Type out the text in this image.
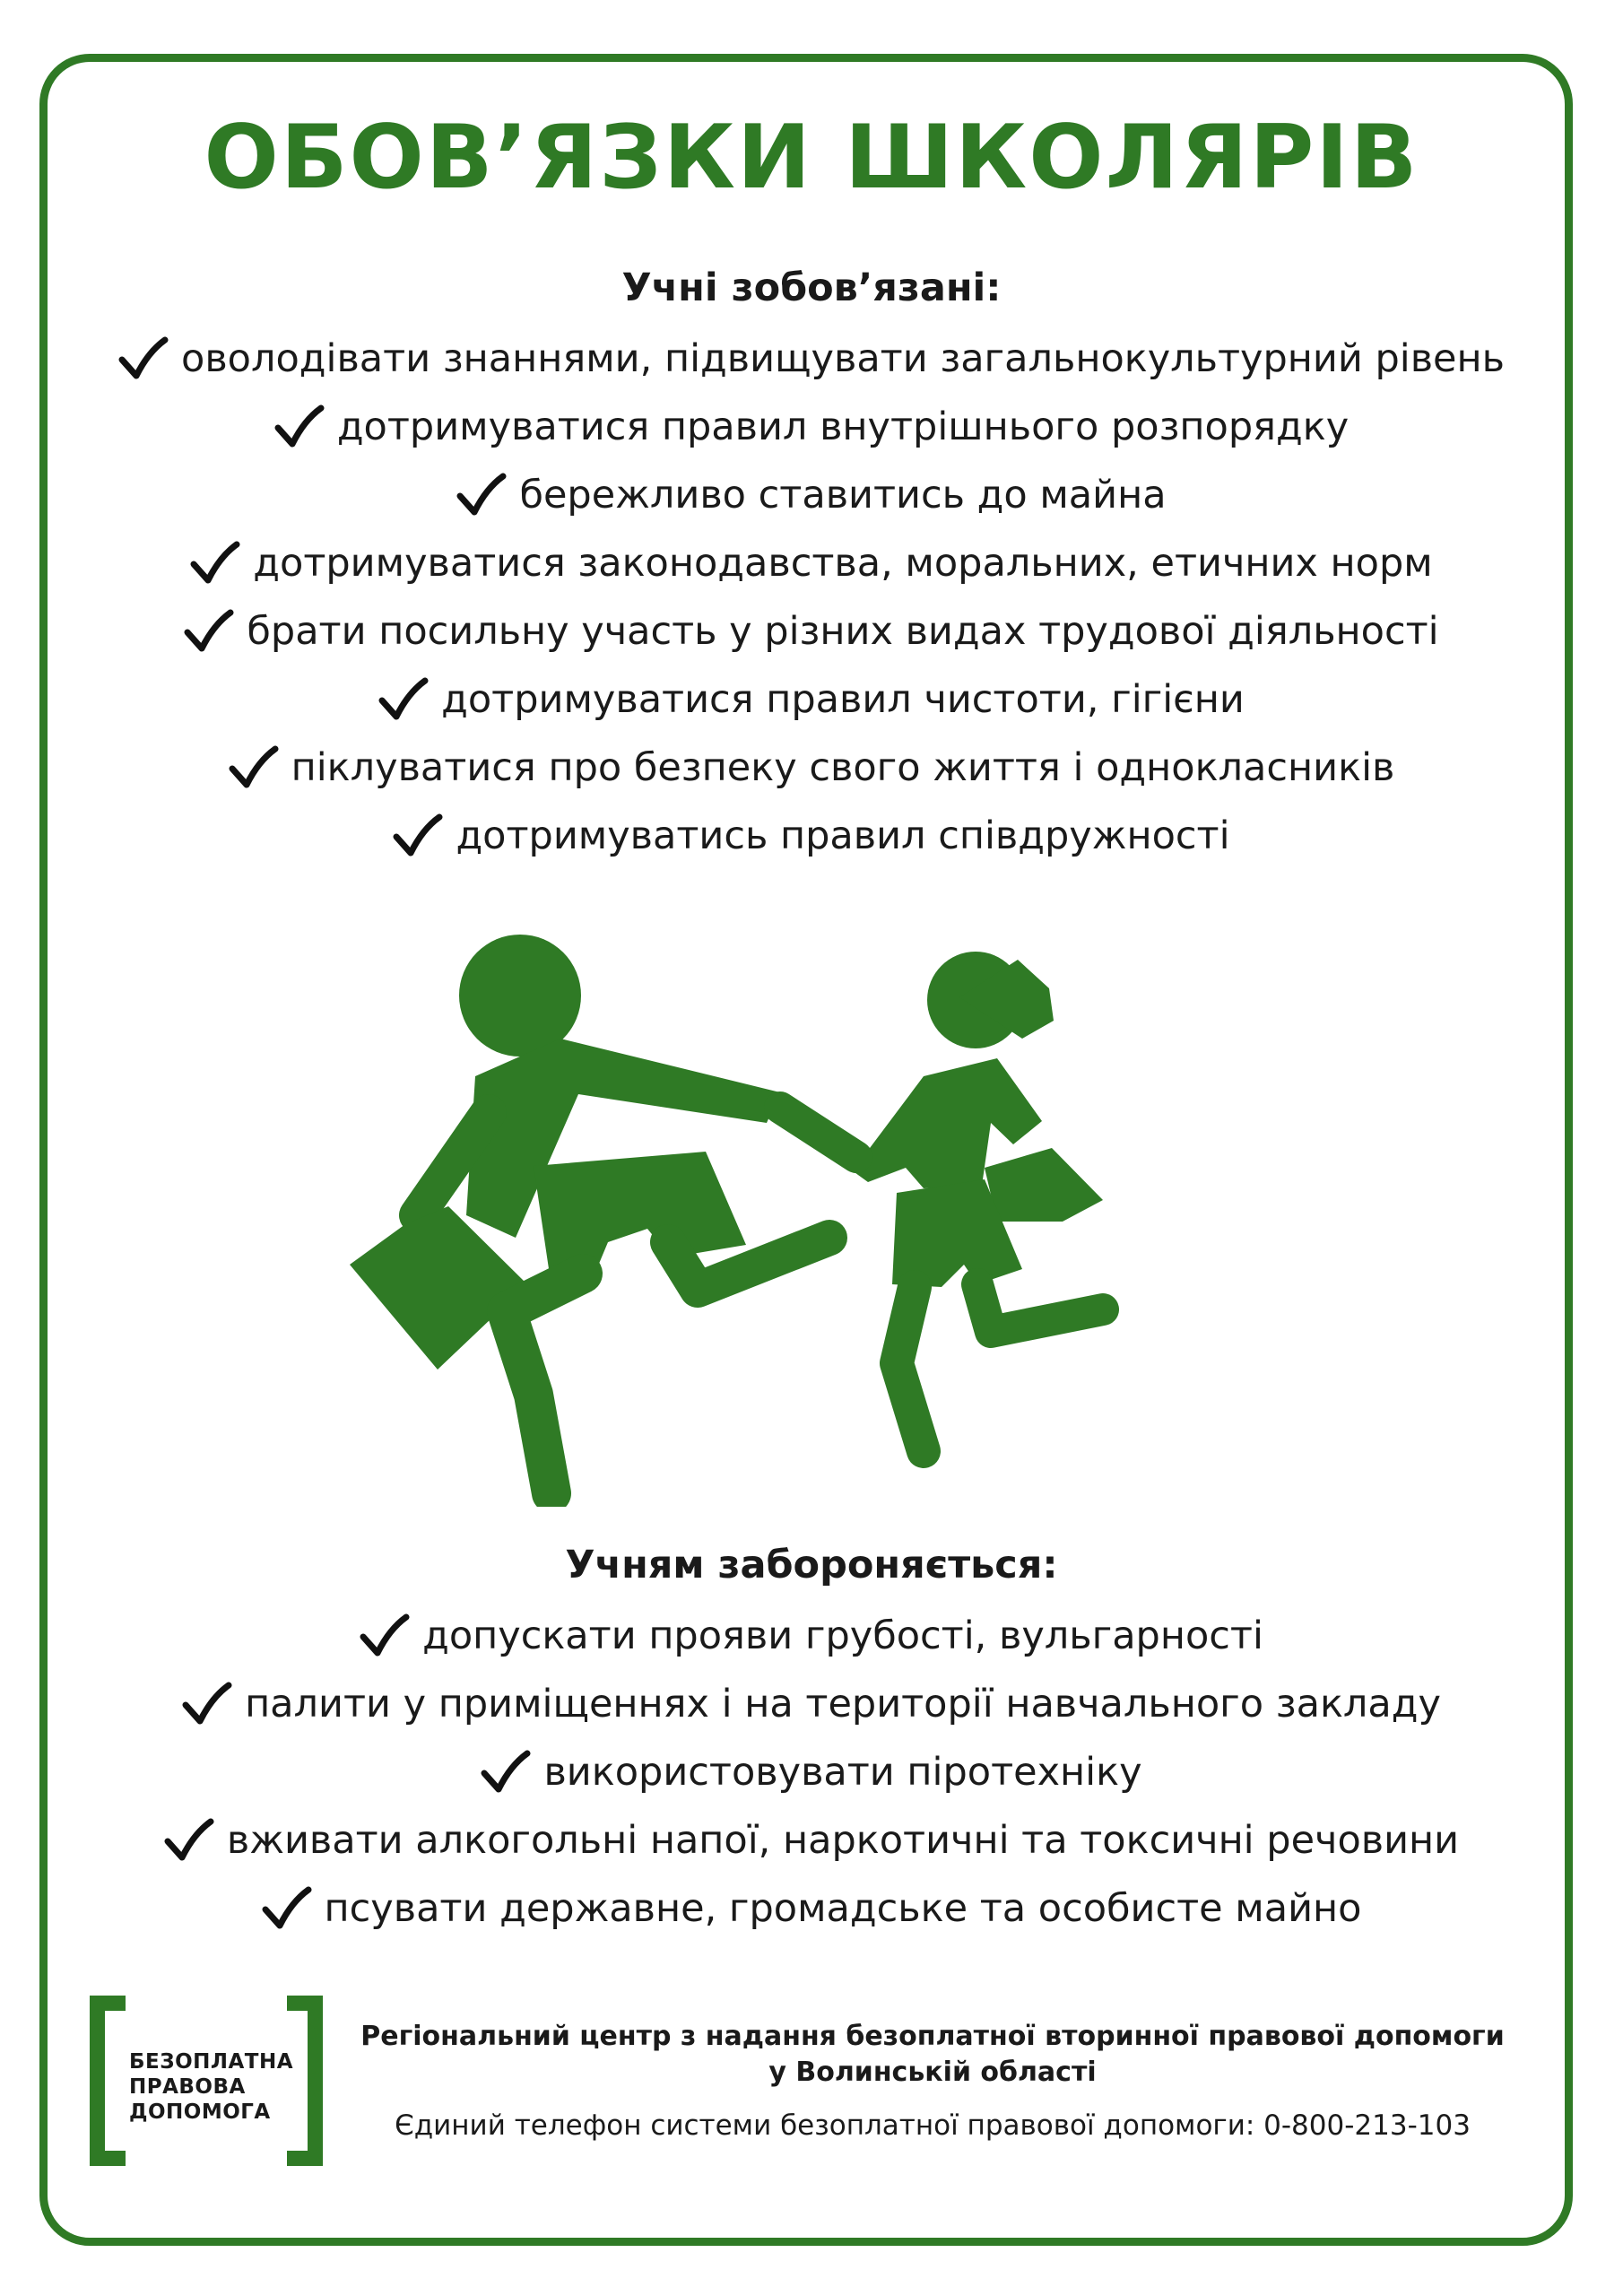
ОБОВ’ЯЗКИ ШКОЛЯРІВ
Учні зобов’язані:
оволодівати знаннями, підвищувати загальнокультурний рівень
дотримуватися правил внутрішнього розпорядку
бережливо ставитись до майна
дотримуватися законодавства, моральних, етичних норм
брати посильну участь у різних видах трудової діяльності
дотримуватися правил чистоти, гігієни
піклуватися про безпеку свого життя і однокласників
дотримуватись правил співдружності
Учням забороняється:
допускати прояви грубості, вульгарності
палити у приміщеннях і на території навчального закладу
використовувати піротехніку
вживати алкогольні напої, наркотичні та токсичні речовини
псувати державне, громадське та особисте майно
БЕЗОПЛАТНА
ПРАВОВА
ДОПОМОГА
Регіональний центр з надання безоплатної вторинної правової допомоги
у Волинській області
Єдиний телефон системи безоплатної правової допомоги: 0-800-213-103
